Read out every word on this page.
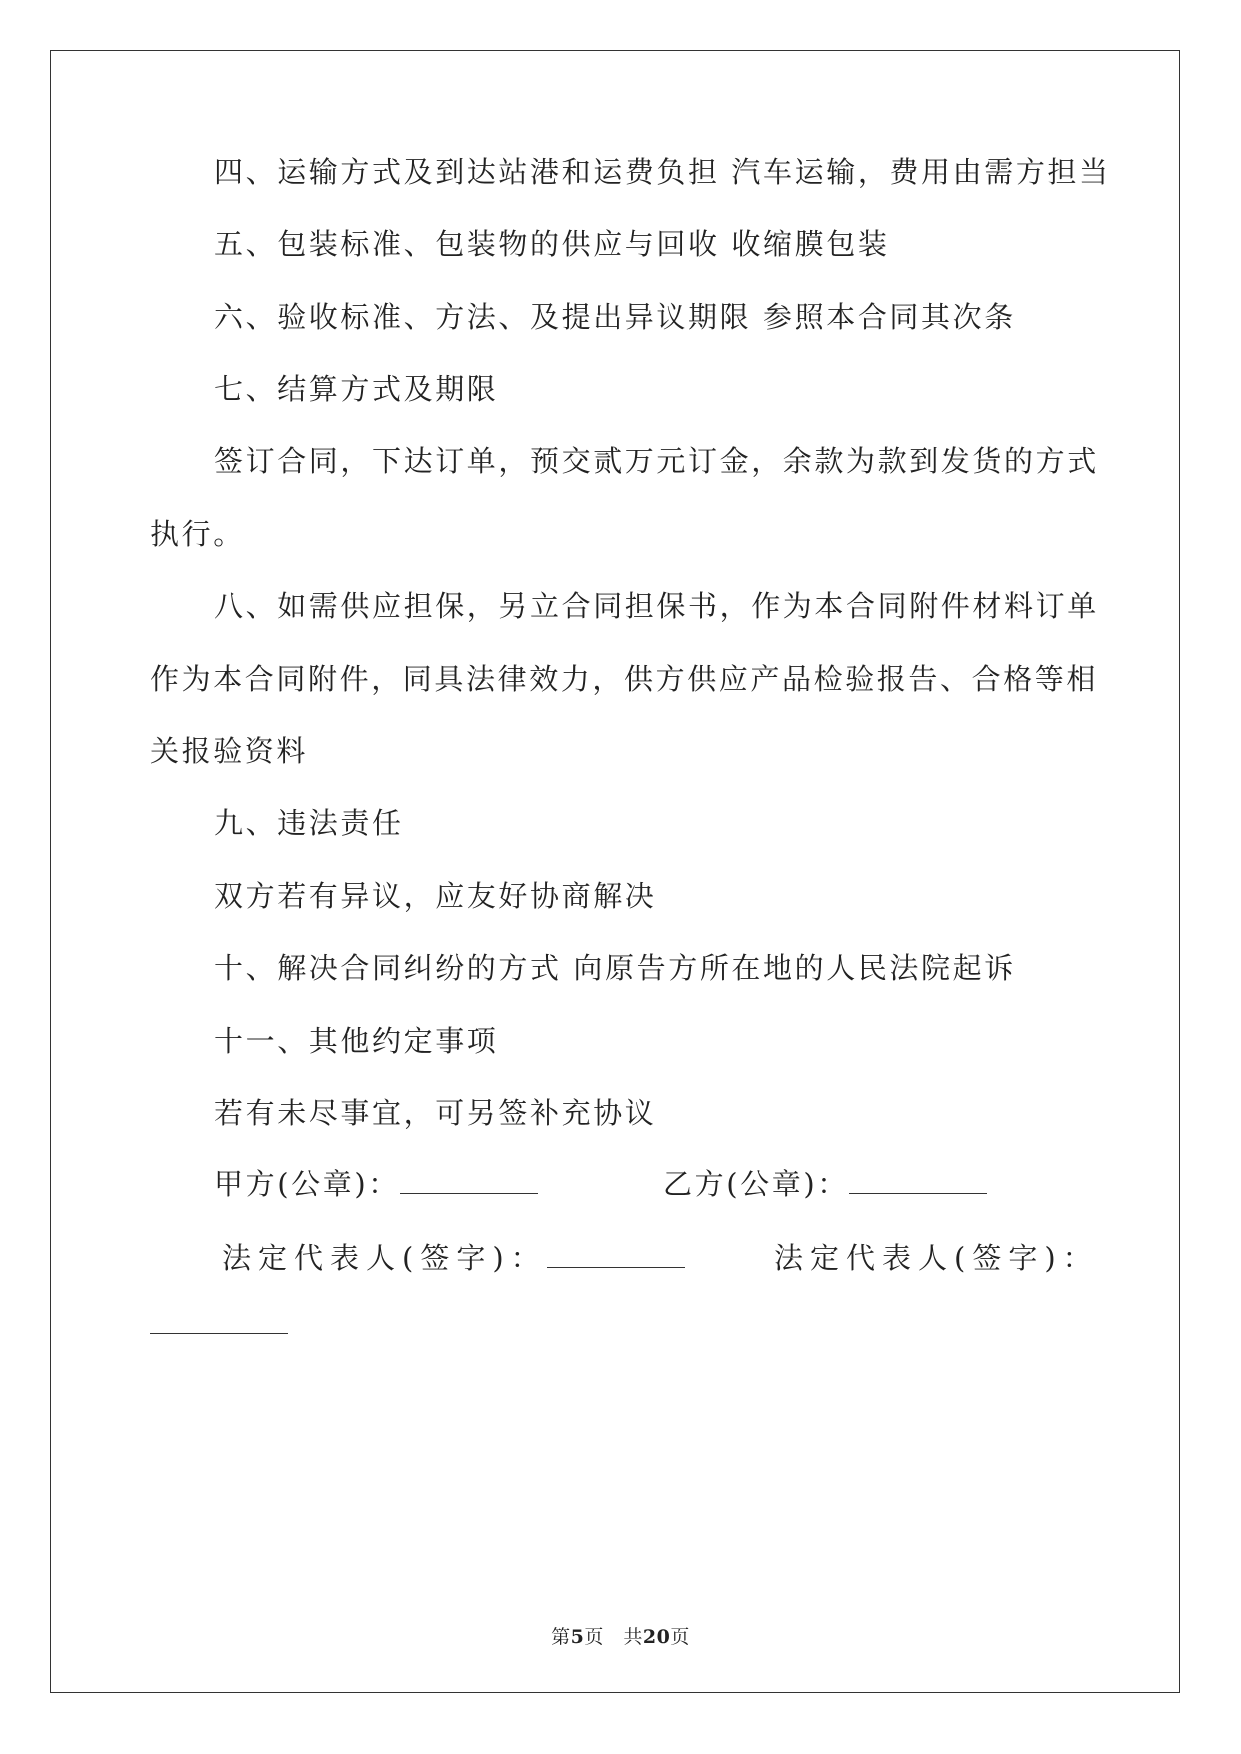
四、运输方式及到达站港和运费负担 汽车运输，费用由需方担当
五、包装标准、包装物的供应与回收 收缩膜包装
六、验收标准、方法、及提出异议期限 参照本合同其次条
七、结算方式及期限
签订合同，下达订单，预交贰万元订金，余款为款到发货的方式
执行。
八、如需供应担保，另立合同担保书，作为本合同附件材料订单
作为本合同附件，同具法律效力，供方供应产品检验报告、合格等相
关报验资料
九、违法责任
双方若有异议，应友好协商解决
十、解决合同纠纷的方式 向原告方所在地的人民法院起诉
十一、其他约定事项
若有未尽事宜，可另签补充协议
甲方(公章)：	乙方(公章)：
法定代表人(签字)：	法定代表人(签字)：
第5页　共20页
